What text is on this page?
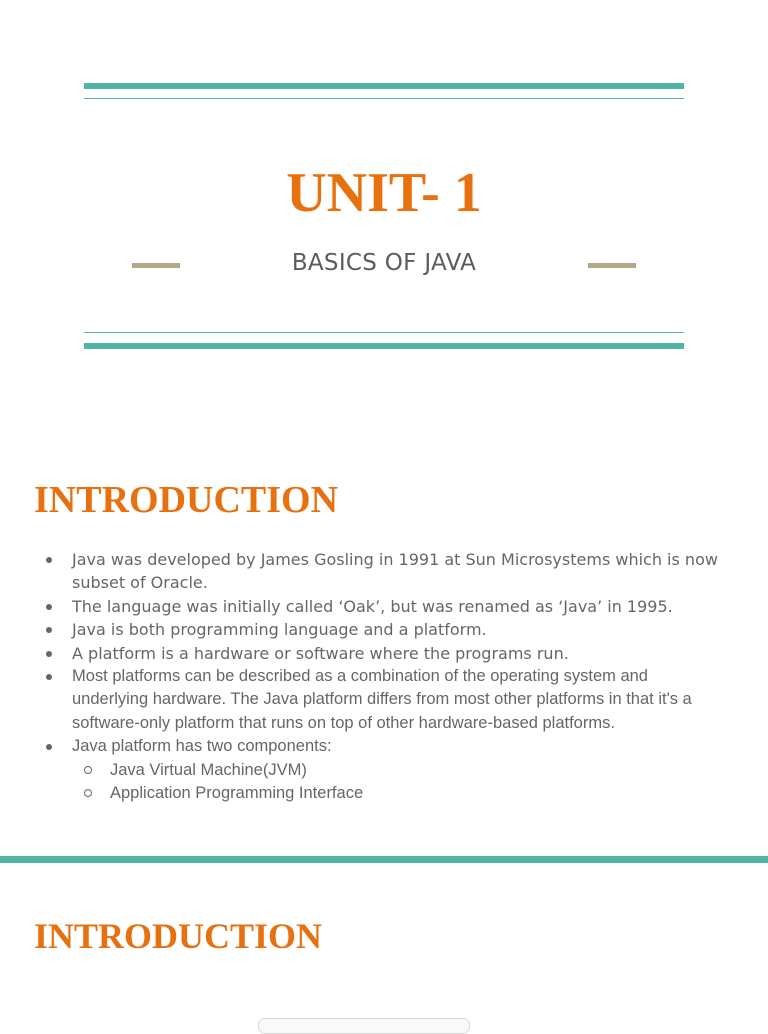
UNIT- 1
BASICS OF JAVA
INTRODUCTION
Java was developed by James Gosling in 1991 at Sun Microsystems which is now subset of Oracle.
The language was initially called ‘Oak’, but was renamed as ‘Java’ in 1995.
Java is both programming language and a platform.
A platform is a hardware or software where the programs run.
Most platforms can be described as a combination of the operating system and underlying hardware. The Java platform differs from most other platforms in that it's a software-only platform that runs on top of other hardware-based platforms.
Java platform has two components:
Java Virtual Machine(JVM)
Application Programming Interface
INTRODUCTION
